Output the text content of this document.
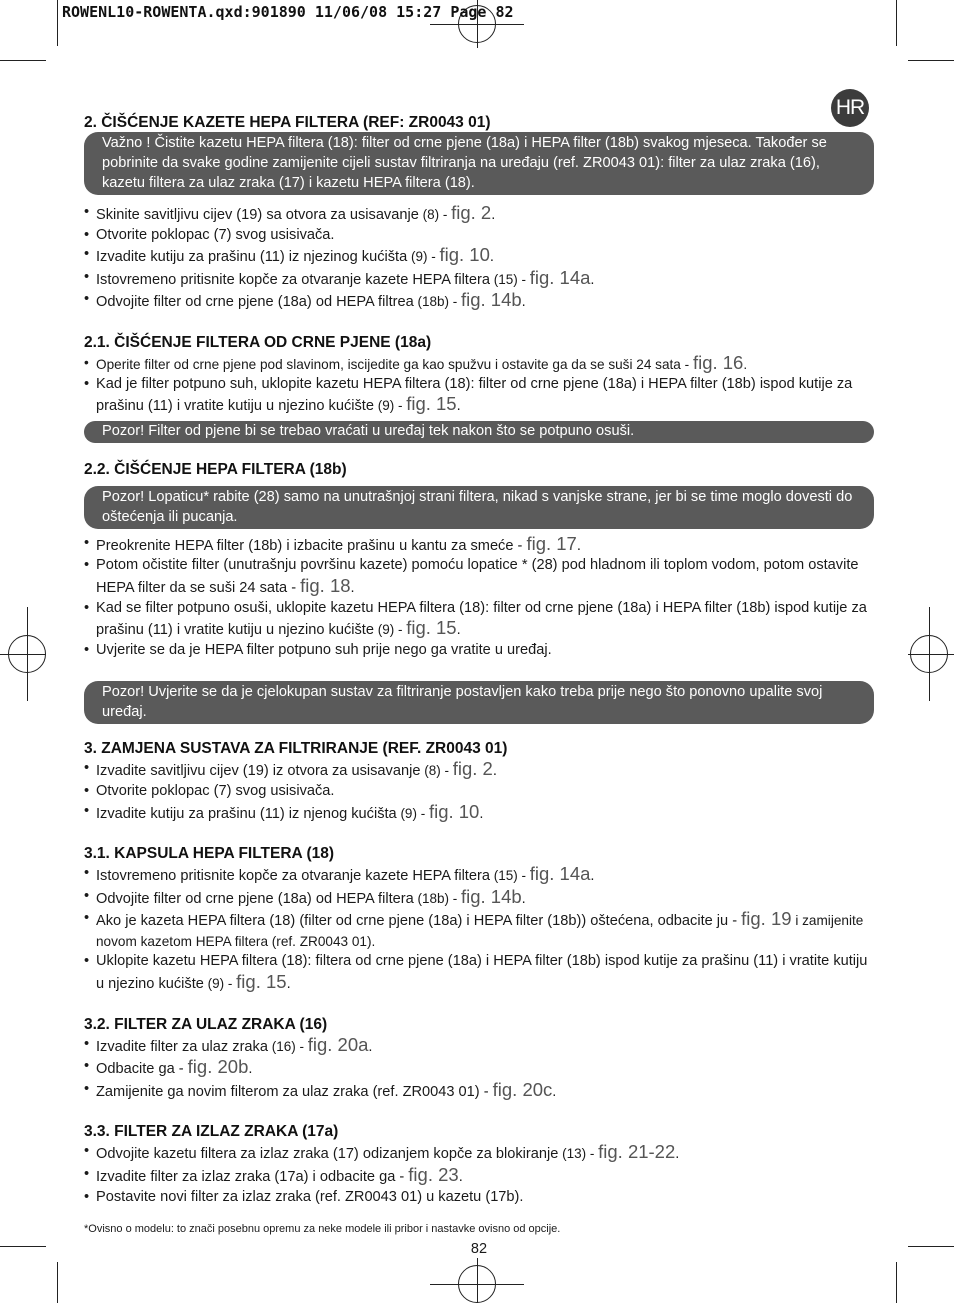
ROWENL10-ROWENTA.qxd:901890 11/06/08 15:27 Page 82
HR
2. ČIŠĆENJE KAZETE HEPA FILTERA (REF: ZR0043 01)
Važno ! Čistite kazetu HEPA filtera (18): filter od crne pjene (18a) i HEPA filter (18b) svakog mjeseca. Također se pobrinite da svake godine zamijenite cijeli sustav filtriranja na uređaju (ref. ZR0043 01): filter za ulaz zraka (16), kazetu filtera za ulaz zraka (17) i kazetu HEPA filtera (18).
• Skinite savitljivu cijev (19) sa otvora za usisavanje (8) - fig. 2.
• Otvorite poklopac (7) svog usisivača.
• Izvadite kutiju za prašinu (11) iz njezinog kućišta (9) - fig. 10.
• Istovremeno pritisnite kopče za otvaranje kazete HEPA filtera (15) - fig. 14a.
• Odvojite filter od crne pjene (18a) od HEPA filtrea (18b) - fig. 14b.
2.1. ČIŠĆENJE FILTERA OD CRNE PJENE (18a)
• Operite filter od crne pjene pod slavinom, iscijedite ga kao spužvu i ostavite ga da se suši 24 sata - fig. 16.
• Kad je filter potpuno suh, uklopite kazetu HEPA filtera (18): filter od crne pjene (18a) i HEPA filter (18b) ispod kutije za prašinu (11) i vratite kutiju u njezino kućište (9) - fig. 15.
Pozor! Filter od pjene bi se trebao vraćati u uređaj tek nakon što se potpuno osuši.
2.2. ČIŠĆENJE HEPA FILTERA (18b)
Pozor! Lopaticu* rabite (28) samo na unutrašnjoj strani filtera, nikad s vanjske strane, jer bi se time moglo dovesti do oštećenja ili pucanja.
• Preokrenite HEPA filter (18b) i izbacite prašinu u kantu za smeće - fig. 17.
• Potom očistite filter (unutrašnju površinu kazete) pomoću lopatice * (28) pod hladnom ili toplom vodom, potom ostavite HEPA filter da se suši 24 sata - fig. 18.
• Kad se filter potpuno osuši, uklopite kazetu HEPA filtera (18): filter od crne pjene (18a) i HEPA filter (18b) ispod kutije za prašinu (11) i vratite kutiju u njezino kućište (9) - fig. 15.
• Uvjerite se da je HEPA filter potpuno suh prije nego ga vratite u uređaj.
Pozor! Uvjerite se da je cjelokupan sustav za filtriranje postavljen kako treba prije nego što ponovno upalite svoj uređaj.
3. ZAMJENA SUSTAVA ZA FILTRIRANJE (REF. ZR0043 01)
• Izvadite savitljivu cijev (19) iz otvora za usisavanje (8) - fig. 2.
• Otvorite poklopac (7) svog usisivača.
• Izvadite kutiju za prašinu (11) iz njenog kućišta (9) - fig. 10.
3.1. KAPSULA HEPA FILTERA (18)
• Istovremeno pritisnite kopče za otvaranje kazete HEPA filtera (15) - fig. 14a.
• Odvojite filter od crne pjene (18a) od HEPA filtera (18b) - fig. 14b.
• Ako je kazeta HEPA filtera (18) (filter od crne pjene (18a) i HEPA filter (18b)) oštećena, odbacite ju - fig. 19 i zamijenite novom kazetom HEPA filtera (ref. ZR0043 01).
• Uklopite kazetu HEPA filtera (18): filtera od crne pjene (18a) i HEPA filter (18b) ispod kutije za prašinu (11) i vratite kutiju u njezino kućište (9) - fig. 15.
3.2. FILTER ZA ULAZ ZRAKA (16)
• Izvadite filter za ulaz zraka (16) - fig. 20a.
• Odbacite ga - fig. 20b.
• Zamijenite ga novim filterom za ulaz zraka (ref. ZR0043 01) - fig. 20c.
3.3. FILTER ZA IZLAZ ZRAKA (17a)
• Odvojite kazetu filtera za izlaz zraka (17) odizanjem kopče za blokiranje (13) - fig. 21-22.
• Izvadite filter za izlaz zraka (17a) i odbacite ga - fig. 23.
• Postavite novi filter za izlaz zraka (ref. ZR0043 01) u kazetu (17b).
*Ovisno o modelu: to znači posebnu opremu za neke modele ili pribor i nastavke ovisno od opcije.
82
